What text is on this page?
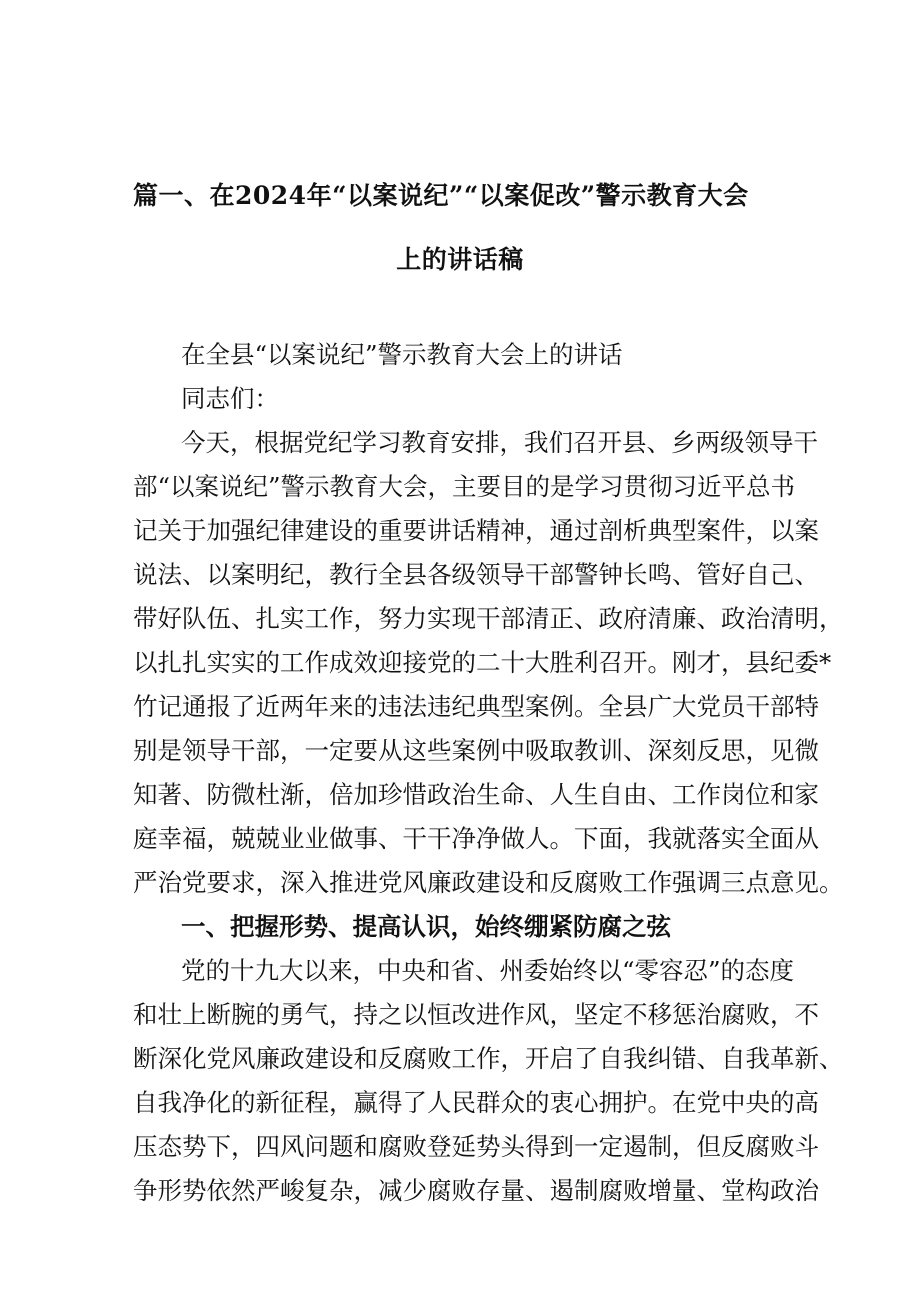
篇一、在2024年“以案说纪”“以案促改”警示教育大会
上的讲话稿
在全县“以案说纪”警示教育大会上的讲话
同志们：
今天，根据党纪学习教育安排，我们召开县、乡两级领导干
部“以案说纪”警示教育大会，主要目的是学习贯彻习近平总书
记关于加强纪律建设的重要讲话精神，通过剖析典型案件，以案
说法、以案明纪，教行全县各级领导干部警钟长鸣、管好自己、
带好队伍、扎实工作，努力实现干部清正、政府清廉、政治清明，
以扎扎实实的工作成效迎接党的二十大胜利召开。刚才，县纪委*
竹记通报了近两年来的违法违纪典型案例。全县广大党员干部特
别是领导干部，一定要从这些案例中吸取教训、深刻反思，见微
知著、防微杜渐，倍加珍惜政治生命、人生自由、工作岗位和家
庭幸福，兢兢业业做事、干干净净做人。下面，我就落实全面从
严治党要求，深入推进党风廉政建设和反腐败工作强调三点意见。
一、把握形势、提高认识，始终绷紧防腐之弦
党的十九大以来，中央和省、州委始终以“零容忍”的态度
和壮上断腕的勇气，持之以恒改进作风，坚定不移惩治腐败，不
断深化党风廉政建设和反腐败工作，开启了自我纠错、自我革新、
自我净化的新征程，赢得了人民群众的衷心拥护。在党中央的高
压态势下，四风问题和腐败登延势头得到一定遏制，但反腐败斗
争形势依然严峻复杂，减少腐败存量、遏制腐败增量、堂构政治
